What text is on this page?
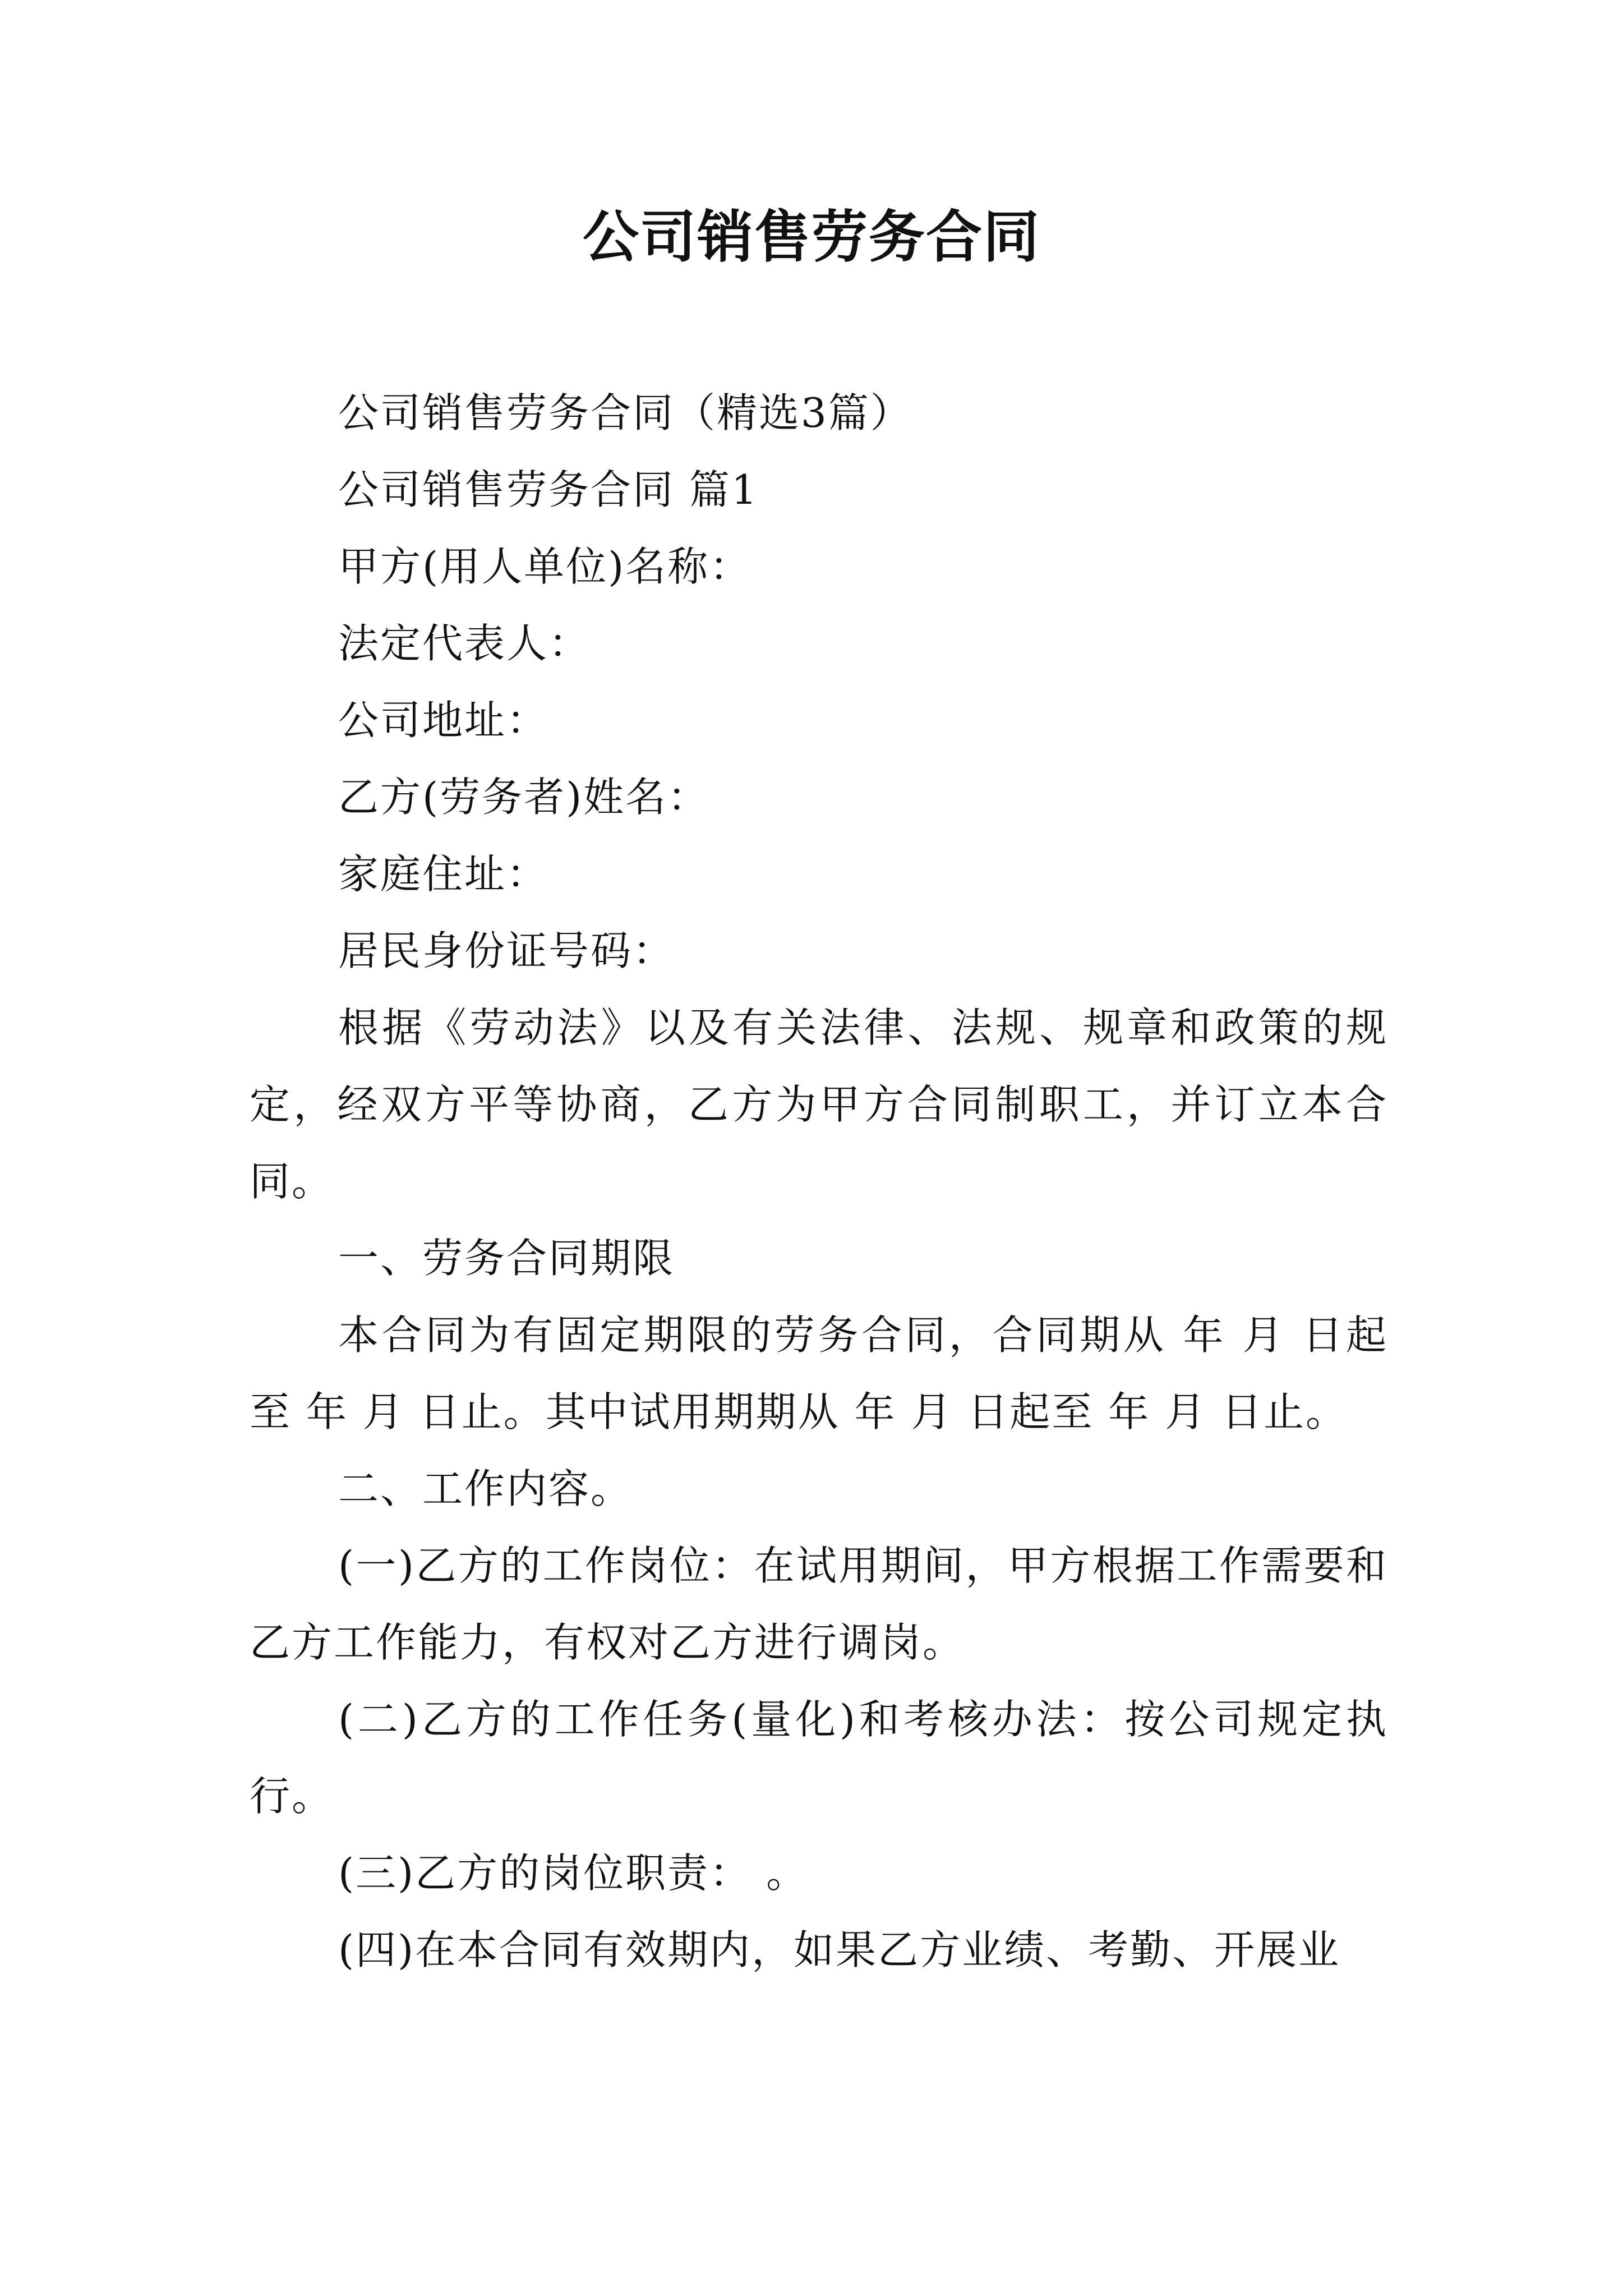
公司销售劳务合同

公司销售劳务合同（精选3篇）

公司销售劳务合同 篇1

甲方(用人单位)名称：

法定代表人：

公司地址：

乙方(劳务者)姓名：

家庭住址：

居民身份证号码：

根据《劳动法》以及有关法律、法规、规章和政策的规定，经双方平等协商，乙方为甲方合同制职工，并订立本合同。

一、劳务合同期限

本合同为有固定期限的劳务合同，合同期从 年 月 日起至 年 月 日止。其中试用期期从 年 月 日起至 年 月 日止。

二、工作内容。

(一)乙方的工作岗位：在试用期间，甲方根据工作需要和乙方工作能力，有权对乙方进行调岗。

(二)乙方的工作任务(量化)和考核办法：按公司规定执行。

(三)乙方的岗位职责： 。

(四)在本合同有效期内，如果乙方业绩、考勤、开展业
